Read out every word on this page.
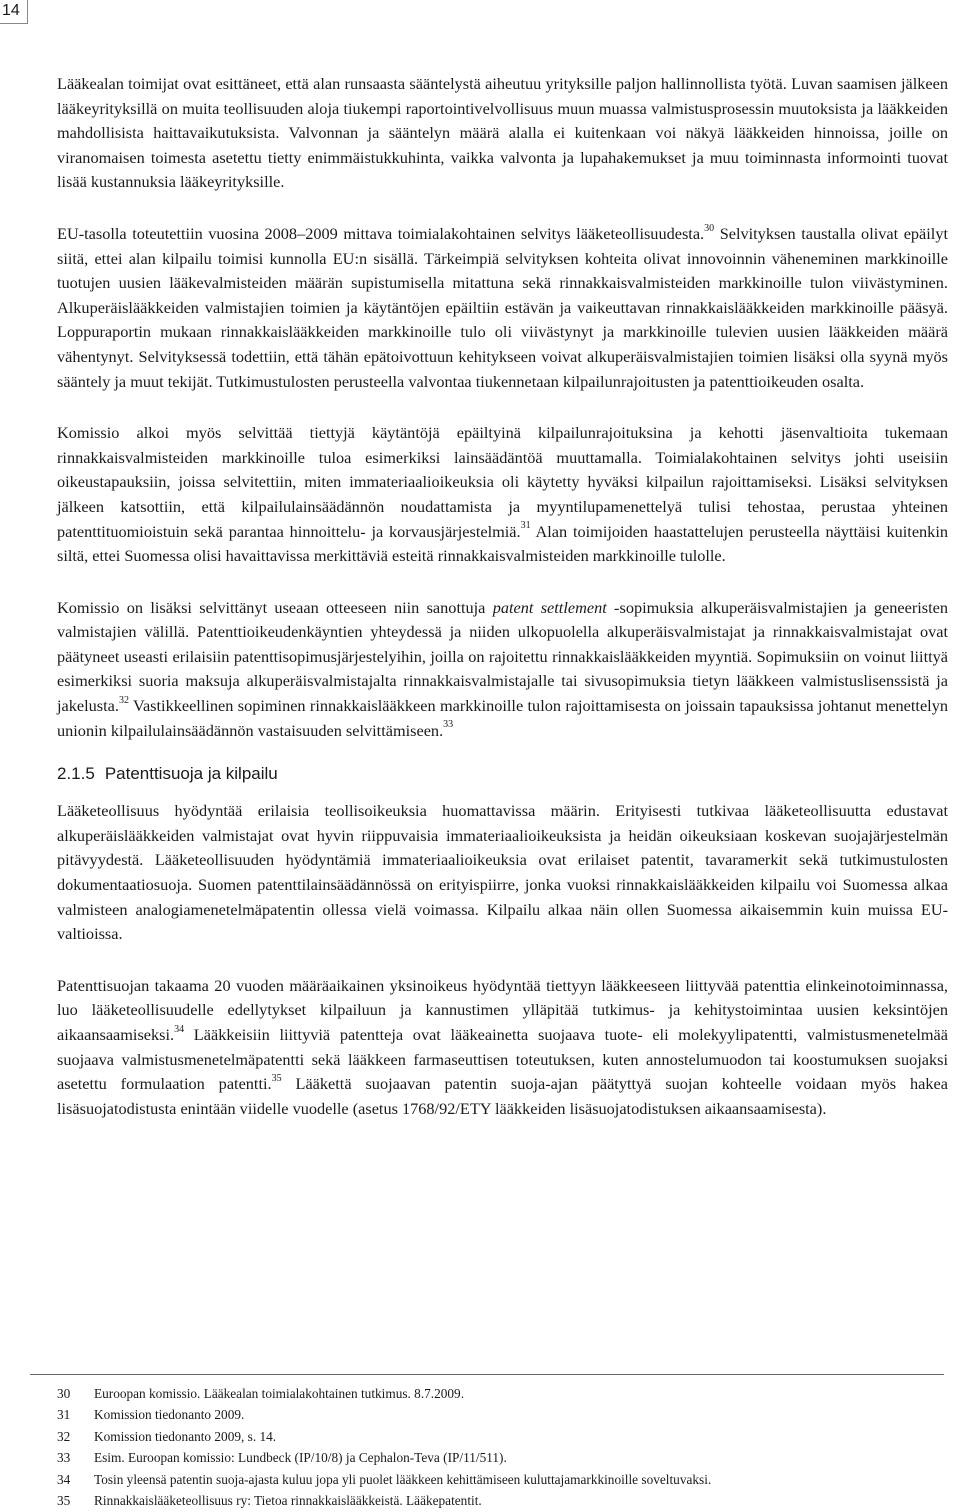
14

Lääkealan toimijat ovat esittäneet, että alan runsaasta sääntelystä aiheutuu yrityksille paljon hallinnollista työtä. Luvan saamisen jälkeen lääkeyrityksillä on muita teollisuuden aloja tiukempi raportointivelvollisuus muun muassa valmistusprosessin muutoksista ja lääkkeiden mahdollisista haittavaikutuksista. Valvonnan ja sääntelyn määrä alalla ei kuitenkaan voi näkyä lääkkeiden hinnoissa, joille on viranomaisen toimesta asetettu tietty enimmäistukkuhinta, vaikka valvonta ja lupahakemukset ja muu toiminnasta informointi tuovat lisää kustannuksia lääkeyrityksille.

EU-tasolla toteutettiin vuosina 2008–2009 mittava toimialakohtainen selvitys lääketeollisuudesta.$^{30}$ Selvityksen taustalla olivat epäilyt siitä, ettei alan kilpailu toimisi kunnolla EU:n sisällä. Tärkeimpiä selvityksen kohteita olivat innovoinnin väheneminen markkinoille tuotujen uusien lääkevalmisteiden määrän supistumisella mitattuna sekä rinnakkaisvalmisteiden markkinoille tulon viivästyminen. Alkuperäislääkkeiden valmistajien toimien ja käytäntöjen epäiltiin estävän ja vaikeuttavan rinnakkaislääkkeiden markkinoille pääsyä. Loppuraportin mukaan rinnakkaislääkkeiden markkinoille tulo oli viivästynyt ja markkinoille tulevien uusien lääkkeiden määrä vähentynyt. Selvityksessä todettiin, että tähän epätoivottuun kehitykseen voivat alkuperäisvalmistajien toimien lisäksi olla syynä myös sääntely ja muut tekijät. Tutkimustulosten perusteella valvontaa tiukennetaan kilpailunrajoitusten ja patenttioikeuden osalta.

Komissio alkoi myös selvittää tiettyjä käytäntöjä epäiltyinä kilpailunrajoituksina ja kehotti jäsenvaltioita tukemaan rinnakkaisvalmisteiden markkinoille tuloa esimerkiksi lainsäädäntöä muuttamalla. Toimialakohtainen selvitys johti useisiin oikeustapauksiin, joissa selvitettiin, miten immateriaalioikeuksia oli käytetty hyväksi kilpailun rajoittamiseksi. Lisäksi selvityksen jälkeen katsottiin, että kilpailulainsäädännön noudattamista ja myyntilupamenettelyä tulisi tehostaa, perustaa yhteinen patenttituomioistuin sekä parantaa hinnoittelu- ja korvausjärjestelmiä.$^{31}$ Alan toimijoiden haastattelujen perusteella näyttäisi kuitenkin siltä, ettei Suomessa olisi havaittavissa merkittäviä esteitä rinnakkaisvalmisteiden markkinoille tulolle.

Komissio on lisäksi selvittänyt useaan otteeseen niin sanottuja patent settlement -sopimuksia alkuperäisvalmistajien ja geneeristen valmistajien välillä. Patenttioikeudenkäyntien yhteydessä ja niiden ulkopuolella alkuperäisvalmistajat ja rinnakkaisvalmistajat ovat päätyneet useasti erilaisiin patenttisopimusjärjestelyihin, joilla on rajoitettu rinnakkaislääkkeiden myyntiä. Sopimuksiin on voinut liittyä esimerkiksi suoria maksuja alkuperäisvalmistajalta rinnakkaisvalmistajalle tai sivusopimuksia tietyn lääkkeen valmistuslisenssistä ja jakelusta.$^{32}$ Vastikkeellinen sopiminen rinnakkaislääkkeen markkinoille tulon rajoittamisesta on joissain tapauksissa johtanut menettelyn unionin kilpailulainsäädännön vastaisuuden selvittämiseen.$^{33}$

2.1.5 Patenttisuoja ja kilpailu

Lääketeollisuus hyödyntää erilaisia teollisoikeuksia huomattavissa määrin. Erityisesti tutkivaa lääketeollisuutta edustavat alkuperäislääkkeiden valmistajat ovat hyvin riippuvaisia immateriaalioikeuksista ja heidän oikeuksiaan koskevan suojajärjestelmän pitävyydestä. Lääketeollisuuden hyödyntämiä immateriaalioikeuksia ovat erilaiset patentit, tavaramerkit sekä tutkimustulosten dokumentaatiosuoja. Suomen patenttilainsäädännössä on erityispiirre, jonka vuoksi rinnakkaislääkkeiden kilpailu voi Suomessa alkaa valmisteen analogiamenetelmäpatentin ollessa vielä voimassa. Kilpailu alkaa näin ollen Suomessa aikaisemmin kuin muissa EU-valtioissa.

Patenttisuojan takaama 20 vuoden määräaikainen yksinoikeus hyödyntää tiettyyn lääkkeeseen liittyvää patenttia elinkeinotoiminnassa, luo lääketeollisuudelle edellytykset kilpailuun ja kannustimen ylläpitää tutkimus- ja kehitystoimintaa uusien keksintöjen aikaansaamiseksi.$^{34}$ Lääkkeisiin liittyviä patentteja ovat lääkeainetta suojaava tuote- eli molekyylipatentti, valmistusmenetelmää suojaava valmistusmenetelmäpatentti sekä lääkkeen farmaseuttisen toteutuksen, kuten annostelumuodon tai koostumuksen suojaksi asetettu formulaation patentti.$^{35}$ Lääkettä suojaavan patentin suoja-ajan päätyttyä suojan kohteelle voidaan myös hakea lisäsuojatodistusta enintään viidelle vuodelle (asetus 1768/92/ETY lääkkeiden lisäsuojatodistuksen aikaansaamisesta).

30	Euroopan komissio. Lääkealan toimialakohtainen tutkimus. 8.7.2009.
31	Komission tiedonanto 2009.
32	Komission tiedonanto 2009, s. 14.
33	Esim. Euroopan komissio: Lundbeck (IP/10/8) ja Cephalon-Teva (IP/11/511).
34	Tosin yleensä patentin suoja-ajasta kuluu jopa yli puolet lääkkeen kehittämiseen kuluttajamarkkinoille soveltuvaksi.
35	Rinnakkaislääketeollisuus ry: Tietoa rinnakkaislääkkeistä. Lääkepatentit.
